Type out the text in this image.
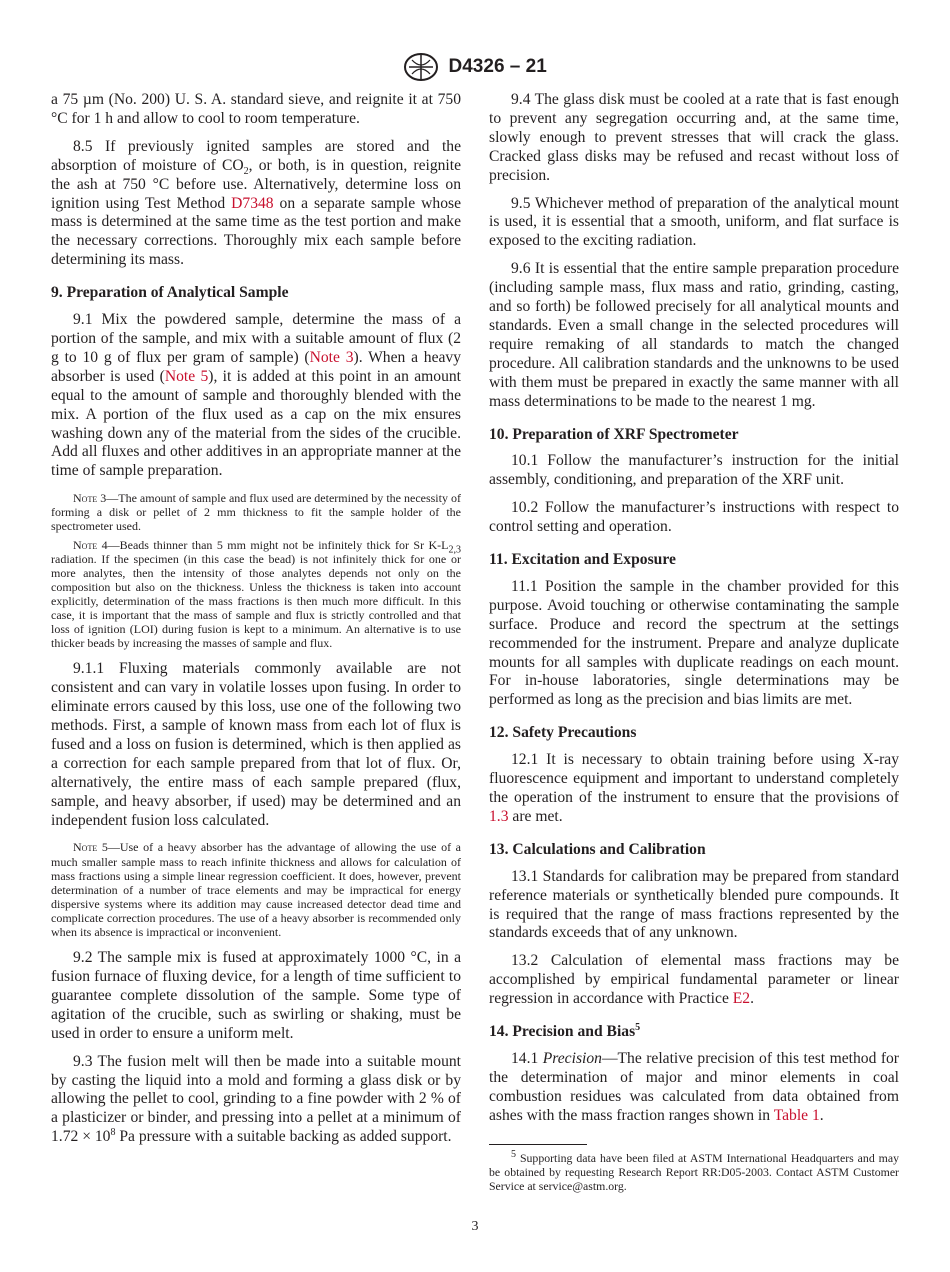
D4326 – 21

a 75 µm (No. 200) U. S. A. standard sieve, and reignite it at 750 °C for 1 h and allow to cool to room temperature.

8.5 If previously ignited samples are stored and the absorption of moisture of $CO_2$, or both, is in question, reignite the ash at 750 °C before use. Alternatively, determine loss on ignition using Test Method D7348 on a separate sample whose mass is determined at the same time as the test portion and make the necessary corrections. Thoroughly mix each sample before determining its mass.

9. Preparation of Analytical Sample

9.1 Mix the powdered sample, determine the mass of a portion of the sample, and mix with a suitable amount of flux (2 g to 10 g of flux per gram of sample) (Note 3). When a heavy absorber is used (Note 5), it is added at this point in an amount equal to the amount of sample and thoroughly blended with the mix. A portion of the flux used as a cap on the mix ensures washing down any of the material from the sides of the crucible. Add all fluxes and other additives in an appropriate manner at the time of sample preparation.

Note 3—The amount of sample and flux used are determined by the necessity of forming a disk or pellet of 2 mm thickness to fit the sample holder of the spectrometer used.
Note 4—Beads thinner than 5 mm might not be infinitely thick for Sr $K-L_{2,3}$ radiation. If the specimen (in this case the bead) is not infinitely thick for one or more analytes, then the intensity of those analytes depends not only on the composition but also on the thickness. Unless the thickness is taken into account explicitly, determination of the mass fractions is then much more difficult. In this case, it is important that the mass of sample and flux is strictly controlled and that loss of ignition (LOI) during fusion is kept to a minimum. An alternative is to use thicker beads by increasing the masses of sample and flux.

9.1.1 Fluxing materials commonly available are not consistent and can vary in volatile losses upon fusing. In order to eliminate errors caused by this loss, use one of the following two methods. First, a sample of known mass from each lot of flux is fused and a loss on fusion is determined, which is then applied as a correction for each sample prepared from that lot of flux. Or, alternatively, the entire mass of each sample prepared (flux, sample, and heavy absorber, if used) may be determined and an independent fusion loss calculated.

Note 5—Use of a heavy absorber has the advantage of allowing the use of a much smaller sample mass to reach infinite thickness and allows for calculation of mass fractions using a simple linear regression coefficient. It does, however, prevent determination of a number of trace elements and may be impractical for energy dispersive systems where its addition may cause increased detector dead time and complicate correction procedures. The use of a heavy absorber is recommended only when its absence is impractical or inconvenient.

9.2 The sample mix is fused at approximately 1000 °C, in a fusion furnace of fluxing device, for a length of time sufficient to guarantee complete dissolution of the sample. Some type of agitation of the crucible, such as swirling or shaking, must be used in order to ensure a uniform melt.

9.3 The fusion melt will then be made into a suitable mount by casting the liquid into a mold and forming a glass disk or by allowing the pellet to cool, grinding to a fine powder with 2 % of a plasticizer or binder, and pressing into a pellet at a minimum of $1.72 \times 10^8$ Pa pressure with a suitable backing as added support.

9.4 The glass disk must be cooled at a rate that is fast enough to prevent any segregation occurring and, at the same time, slowly enough to prevent stresses that will crack the glass. Cracked glass disks may be refused and recast without loss of precision.

9.5 Whichever method of preparation of the analytical mount is used, it is essential that a smooth, uniform, and flat surface is exposed to the exciting radiation.

9.6 It is essential that the entire sample preparation procedure (including sample mass, flux mass and ratio, grinding, casting, and so forth) be followed precisely for all analytical mounts and standards. Even a small change in the selected procedures will require remaking of all standards to match the changed procedure. All calibration standards and the unknowns to be used with them must be prepared in exactly the same manner with all mass determinations to be made to the nearest 1 mg.

10. Preparation of XRF Spectrometer

10.1 Follow the manufacturer’s instruction for the initial assembly, conditioning, and preparation of the XRF unit.

10.2 Follow the manufacturer’s instructions with respect to control setting and operation.

11. Excitation and Exposure

11.1 Position the sample in the chamber provided for this purpose. Avoid touching or otherwise contaminating the sample surface. Produce and record the spectrum at the settings recommended for the instrument. Prepare and analyze duplicate mounts for all samples with duplicate readings on each mount. For in-house laboratories, single determinations may be performed as long as the precision and bias limits are met.

12. Safety Precautions

12.1 It is necessary to obtain training before using X-ray fluorescence equipment and important to understand completely the operation of the instrument to ensure that the provisions of 1.3 are met.

13. Calculations and Calibration

13.1 Standards for calibration may be prepared from standard reference materials or synthetically blended pure compounds. It is required that the range of mass fractions represented by the standards exceeds that of any unknown.

13.2 Calculation of elemental mass fractions may be accomplished by empirical fundamental parameter or linear regression in accordance with Practice E2.

14. Precision and Bias$^5$

14.1 Precision—The relative precision of this test method for the determination of major and minor elements in coal combustion residues was calculated from data obtained from ashes with the mass fraction ranges shown in Table 1.

$^5$ Supporting data have been filed at ASTM International Headquarters and may be obtained by requesting Research Report RR:D05-2003. Contact ASTM Customer Service at service@astm.org.

3
